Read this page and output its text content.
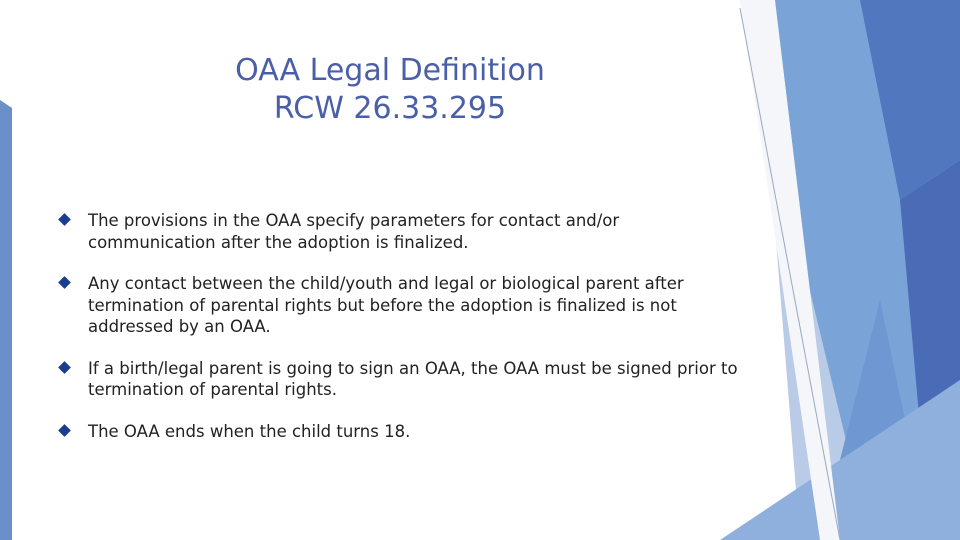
OAA Legal Definition
RCW 26.33.295
The provisions in the OAA specify parameters for contact and/or communication after the adoption is finalized.
Any contact between the child/youth and legal or biological parent after termination of parental rights but before the adoption is finalized is not addressed by an OAA.
If a birth/legal parent is going to sign an OAA, the OAA must be signed prior to termination of parental rights.
The OAA ends when the child turns 18.
